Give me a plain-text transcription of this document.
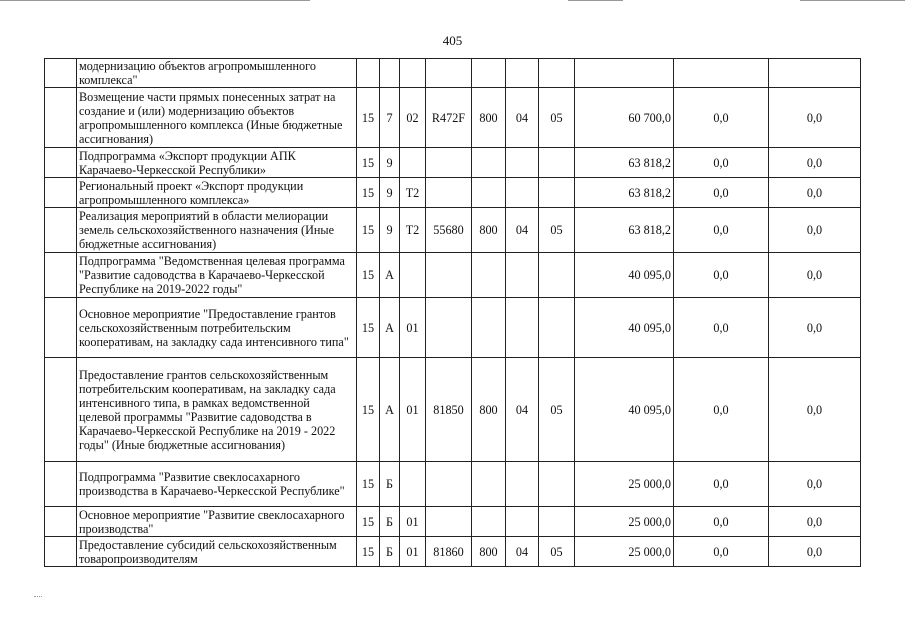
405
	модернизацию объектов агропромышленного комплекса"										
	Возмещение части прямых понесенных затрат на создание и (или) модернизацию объектов агропромышленного комплекса (Иные бюджетные ассигнования)	15	7	02	R472F	800	04	05	60 700,0	0,0	0,0
	Подпрограмма «Экспорт продукции АПК Карачаево-Черкесской Республики»	15	9						63 818,2	0,0	0,0
	Региональный проект «Экспорт продукции агропромышленного комплекса»	15	9	T2					63 818,2	0,0	0,0
	Реализация мероприятий в области мелиорации земель сельскохозяйственного назначения (Иные бюджетные ассигнования)	15	9	T2	55680	800	04	05	63 818,2	0,0	0,0
	Подпрограмма "Ведомственная целевая программа "Развитие садоводства в Карачаево-Черкесской Республике на 2019-2022 годы"	15	А						40 095,0	0,0	0,0
	Основное мероприятие "Предоставление грантов сельскохозяйственным потребительским кооперативам, на закладку сада интенсивного типа"	15	А	01					40 095,0	0,0	0,0
	Предоставление грантов сельскохозяйственным потребительским кооперативам, на закладку сада интенсивного типа, в рамках ведомственной целевой программы "Развитие садоводства в Карачаево-Черкесской Республике на 2019 - 2022 годы" (Иные бюджетные ассигнования)	15	А	01	81850	800	04	05	40 095,0	0,0	0,0
	Подпрограмма "Развитие свеклосахарного производства в Карачаево-Черкесской Республике"	15	Б						25 000,0	0,0	0,0
	Основное мероприятие "Развитие свеклосахарного производства"	15	Б	01					25 000,0	0,0	0,0
	Предоставление субсидий сельскохозяйственным товаропроизводителям	15	Б	01	81860	800	04	05	25 000,0	0,0	0,0
